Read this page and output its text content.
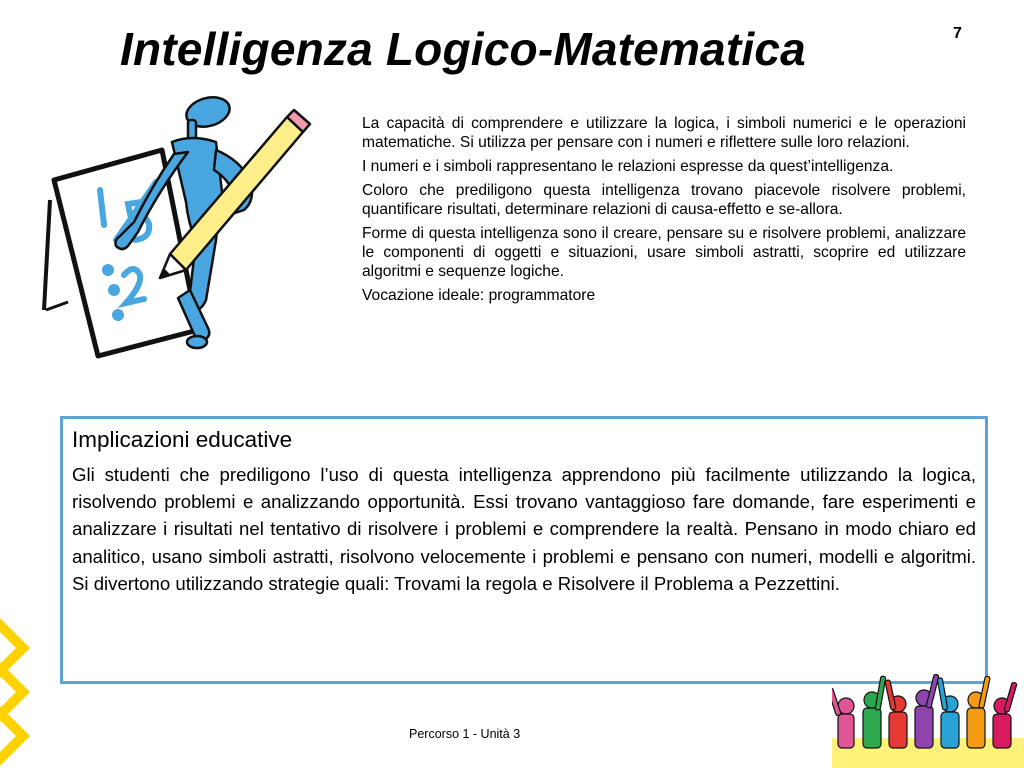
Intelligenza Logico-Matematica	7

La capacità di comprendere e utilizzare la logica, i simboli numerici e le operazioni matematiche. Si utilizza per pensare con i numeri e riflettere sulle loro relazioni.

I numeri e i simboli rappresentano le relazioni espresse da quest’intelligenza.

Coloro che prediligono questa intelligenza trovano piacevole risolvere problemi, quantificare risultati, determinare relazioni di causa-effetto e se-allora.

Forme di questa intelligenza sono il creare, pensare su e risolvere problemi, analizzare le componenti di oggetti e situazioni, usare simboli astratti, scoprire ed utilizzare algoritmi e sequenze logiche.

Vocazione ideale: programmatore

Implicazioni educative

Gli studenti che prediligono l’uso di questa intelligenza apprendono più facilmente utilizzando la logica, risolvendo problemi e analizzando opportunità. Essi trovano vantaggioso fare domande, fare esperimenti e analizzare i risultati nel tentativo di risolvere i problemi e comprendere la realtà. Pensano in modo chiaro ed analitico, usano simboli astratti, risolvono velocemente i problemi e pensano con numeri, modelli e algoritmi. Si divertono utilizzando strategie quali: Trovami la regola e Risolvere il Problema a Pezzettini.

Percorso 1 - Unità 3
